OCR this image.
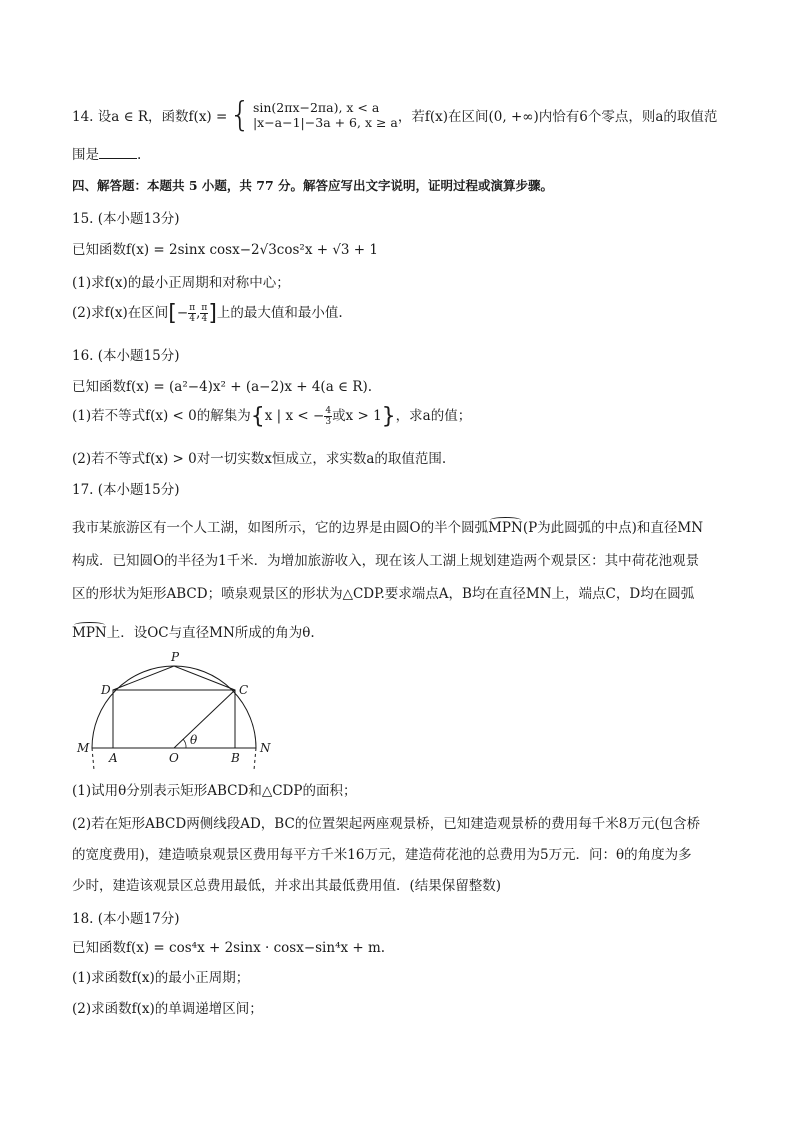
14. 设a ∈ R，函数f(x) = { sin(2πx−2πa), x < a
|x−a−1|−3a + 6, x ≥ a ，若f(x)在区间(0, +∞)内恰有6个零点，则a的取值范
围是	.
四、解答题：本题共 5 小题，共 77 分。解答应写出文字说明，证明过程或演算步骤。
15. (本小题13分)
已知函数f(x) = 2sinx cosx−2√3cos²x + √3 + 1
(1)求f(x)的最小正周期和对称中心；
(2)求f(x)在区间[− $\frac{\pi}{4}$ , $\frac{\pi}{4}$ ]上的最大值和最小值.
16. (本小题15分)
已知函数f(x) = (a²−4)x² + (a−2)x + 4(a ∈ R).
(1)若不等式f(x) < 0的解集为{x | x < − $\frac{4}{3}$ 或x > 1}，求a的值；
(2)若不等式f(x) > 0对一切实数x恒成立，求实数a的取值范围.
17. (本小题15分)
我市某旅游区有一个人工湖，如图所示，它的边界是由圆O的半个圆弧MPN(P为此圆弧的中点)和直径MN
构成．已知圆O的半径为1千米．为增加旅游收入，现在该人工湖上规划建造两个观景区：其中荷花池观景
区的形状为矩形ABCD；喷泉观景区的形状为△CDP.要求端点A，B均在直径MN上，端点C，D均在圆弧
MPN上．设OC与直径MN所成的角为θ.
P
D	C
M
A	O
θ
B
N
(1)试用θ分别表示矩形ABCD和△CDP的面积；
(2)若在矩形ABCD两侧线段AD，BC的位置架起两座观景桥，已知建造观景桥的费用每千米8万元(包含桥
的宽度费用)，建造喷泉观景区费用每平方千米16万元，建造荷花池的总费用为5万元．问：θ的角度为多
少时，建造该观景区总费用最低，并求出其最低费用值．(结果保留整数)
18. (本小题17分)
已知函数f(x) = cos⁴x + 2sinx · cosx−sin⁴x + m.
(1)求函数f(x)的最小正周期；
(2)求函数f(x)的单调递增区间；
